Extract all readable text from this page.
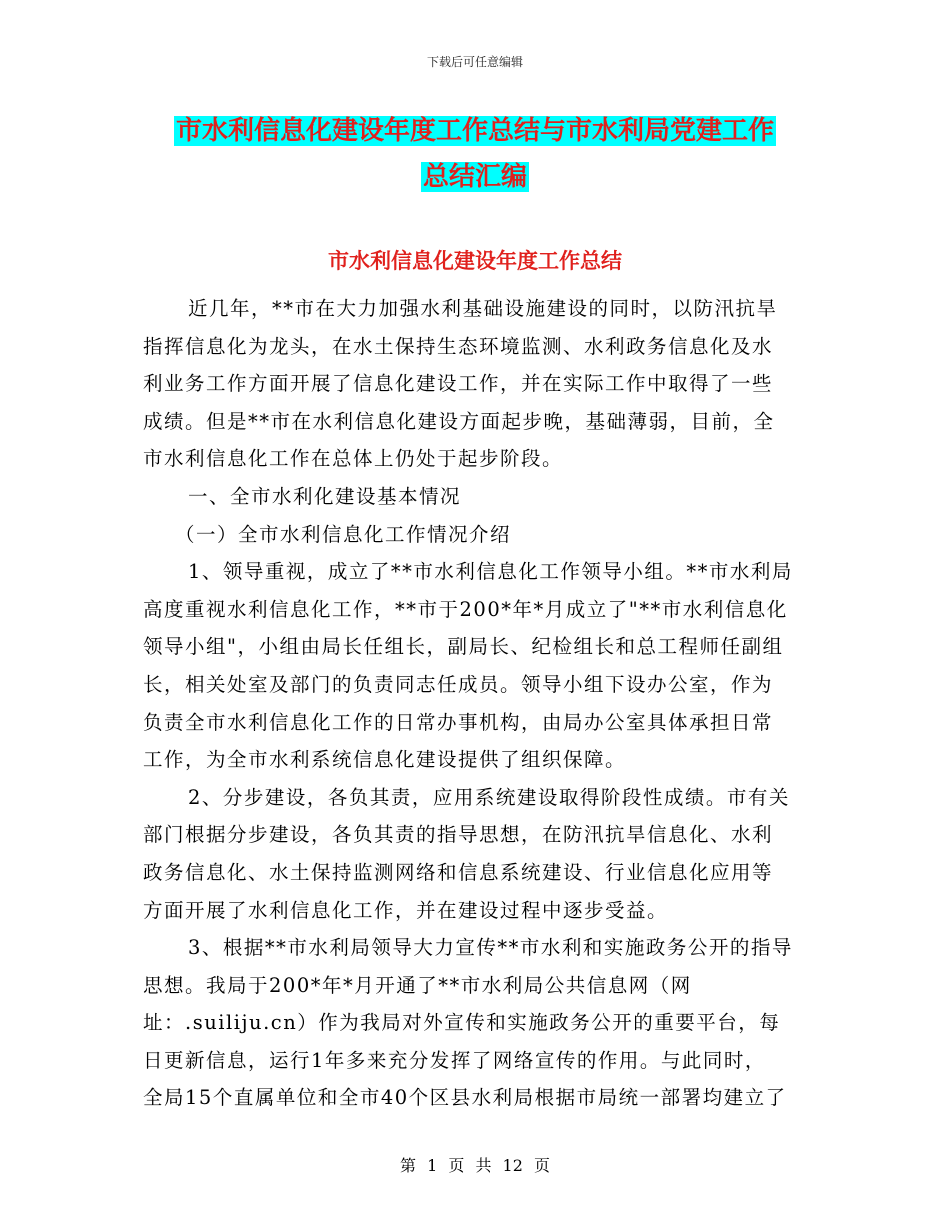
下载后可任意编辑
市水利信息化建设年度工作总结与市水利局党建工作
总结汇编
市水利信息化建设年度工作总结
近几年，**市在大力加强水利基础设施建设的同时，以防汛抗旱
指挥信息化为龙头，在水土保持生态环境监测、水利政务信息化及水
利业务工作方面开展了信息化建设工作，并在实际工作中取得了一些
成绩。但是**市在水利信息化建设方面起步晚，基础薄弱，目前，全
市水利信息化工作在总体上仍处于起步阶段。
一、全市水利化建设基本情况
（一）全市水利信息化工作情况介绍
1、领导重视，成立了**市水利信息化工作领导小组。**市水利局
高度重视水利信息化工作，**市于200*年*月成立了"**市水利信息化
领导小组"，小组由局长任组长，副局长、纪检组长和总工程师任副组
长，相关处室及部门的负责同志任成员。领导小组下设办公室，作为
负责全市水利信息化工作的日常办事机构，由局办公室具体承担日常
工作，为全市水利系统信息化建设提供了组织保障。
2、分步建设，各负其责，应用系统建设取得阶段性成绩。市有关
部门根据分步建设，各负其责的指导思想，在防汛抗旱信息化、水利
政务信息化、水土保持监测网络和信息系统建设、行业信息化应用等
方面开展了水利信息化工作，并在建设过程中逐步受益。
3、根据**市水利局领导大力宣传**市水利和实施政务公开的指导
思想。我局于200*年*月开通了**市水利局公共信息网（网
址：.suiliju.cn）作为我局对外宣传和实施政务公开的重要平台，每
日更新信息，运行1年多来充分发挥了网络宣传的作用。与此同时，
全局15个直属单位和全市40个区县水利局根据市局统一部署均建立了
第 1 页 共 12 页
